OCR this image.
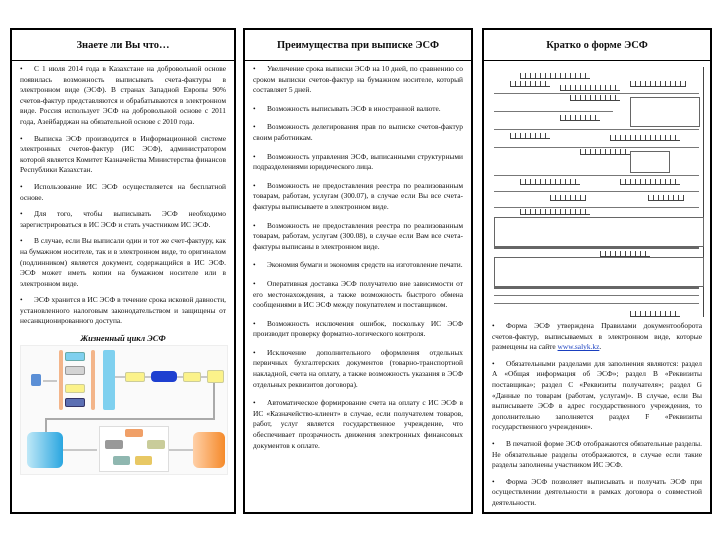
Знаете ли Вы что…

• С 1 июля 2014 года в Казахстане на добровольной основе появилась возможность выписывать счета-фактуры в электронном виде (ЭСФ). В странах Западной Европы 90% счетов-фактур представляются и обрабатываются в электронном виде. Россия использует ЭСФ на добровольной основе с 2011 года, Азейбарджан на обязательной основе с 2010 года.

• Выписка ЭСФ производится в Информационной системе электронных счетов-фактур (ИС ЭСФ), администратором которой является Комитет Казначейства Министерства финансов Республики Казахстан.

• Использование ИС ЭСФ осуществляется на бесплатной основе.

• Для того, чтобы выписывать ЭСФ необходимо зарегистрироваться в ИС ЭСФ и стать участником ИС ЭСФ.

• В случае, если Вы выписали один и тот же счет-фактуру, как на бумажном носителе, так и в электронном виде, то оригиналом (подлинником) является документ, содержащийся в ИС ЭСФ. ЭСФ может иметь копии на бумажном носителе или в электронном виде.

• ЭСФ хранится в ИС ЭСФ в течение срока исковой давности, установленного налоговым законодательством и защищены от несанкционированного доступа.

Жизненный цикл ЭСФ
Преимущества при выписке ЭСФ

• Увеличение срока выписки ЭСФ на 10 дней, по сравнению со сроком выписки счетов-фактур на бумажном носителе, который составляет 5 дней.

• Возможность выписывать ЭСФ в иностранной валюте.

• Возможность делегирования прав по выписке счетов-фактур своим работникам.

• Возможность управления ЭСФ, выписанными структурными подразделениями юридического лица.

• Возможность не предоставления реестра по реализованным товарам, работам, услугам (300.07), в случае если Вы все счета-фактуры выписываете в электронном виде.

• Возможность не предоставления реестра по реализованным товарам, работам, услугам (300.08), в случае если Вам все счета-фактуры выписаны в электронном виде.

• Экономия бумаги и экономия средств на изготовление печати.

• Оперативная доставка ЭСФ получателю вне зависимости от его местонахождения, а также возможность быстрого обмена сообщениями в ИС ЭСФ между покупателем и поставщиком.

• Возможность исключения ошибок, поскольку ИС ЭСФ производит проверку форматно-логического контроля.

• Исключение дополнительного оформления отдельных первичных бухгалтерских документов (товарно-транспортной накладной, счета на оплату, а также возможность указания в ЭСФ отдельных реквизитов договора).

• Автоматическое формирование счета на оплату с ИС ЭСФ в ИС «Казначейство-клиент» в случае, если получателем товаров, работ, услуг является государственное учреждение, что обеспечивает прозрачность движения электронных финансовых документов к оплате.

Кратко о форме ЭСФ

• Форма ЭСФ утверждена Правилами документооборота счетов-фактур, выписываемых в электронном виде, которые размещены на сайте www.salyk.kz.

• Обязательными разделами для заполнения являются: раздел А «Общая информация об ЭСФ»; раздел В «Реквизиты поставщика»; раздел С «Реквизиты получателя»; раздел G «Данные по товарам (работам, услугам)». В случае, если Вы выписываете ЭСФ в адрес государственного учреждения, то дополнительно заполняется раздел F «Реквизиты государственного учреждения».

• В печатной форме ЭСФ отображаются обязательные разделы. Не обязательные разделы отображаются, в случае если такие разделы заполнены участником ИС ЭСФ.

• Форма ЭСФ позволяет выписывать и получать ЭСФ при осуществлении деятельности в рамках договора о совместной деятельности.
